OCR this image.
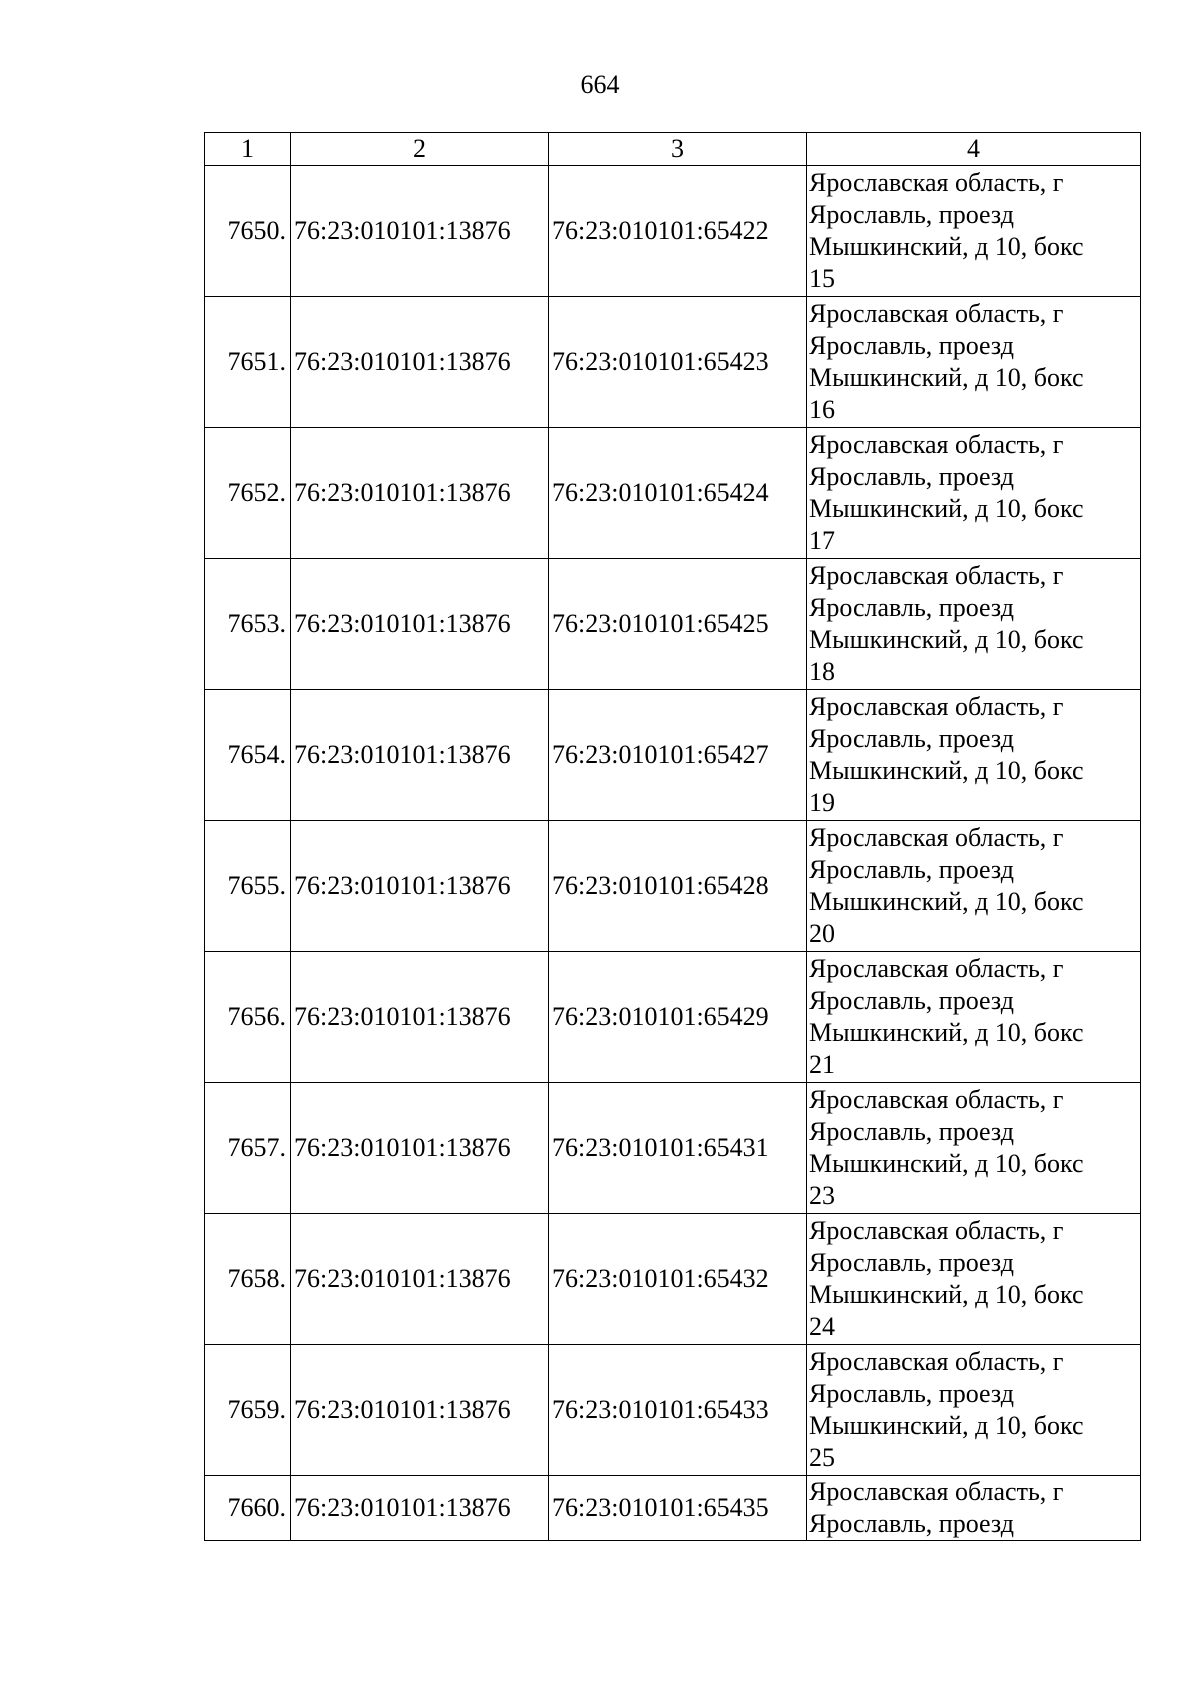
664
1	2	3	4
7650.	76:23:010101:13876	76:23:010101:65422	Ярославская область, г
Ярославль, проезд
Мышкинский, д 10, бокс
15

7651.	76:23:010101:13876	76:23:010101:65423	Ярославская область, г
Ярославль, проезд
Мышкинский, д 10, бокс
16

7652.	76:23:010101:13876	76:23:010101:65424	Ярославская область, г
Ярославль, проезд
Мышкинский, д 10, бокс
17

7653.	76:23:010101:13876	76:23:010101:65425	Ярославская область, г
Ярославль, проезд
Мышкинский, д 10, бокс
18

7654.	76:23:010101:13876	76:23:010101:65427	Ярославская область, г
Ярославль, проезд
Мышкинский, д 10, бокс
19

7655.	76:23:010101:13876	76:23:010101:65428	Ярославская область, г
Ярославль, проезд
Мышкинский, д 10, бокс
20

7656.	76:23:010101:13876	76:23:010101:65429	Ярославская область, г
Ярославль, проезд
Мышкинский, д 10, бокс
21

7657.	76:23:010101:13876	76:23:010101:65431	Ярославская область, г
Ярославль, проезд
Мышкинский, д 10, бокс
23

7658.	76:23:010101:13876	76:23:010101:65432	Ярославская область, г
Ярославль, проезд
Мышкинский, д 10, бокс
24

7659.	76:23:010101:13876	76:23:010101:65433	Ярославская область, г
Ярославль, проезд
Мышкинский, д 10, бокс
25

7660.	76:23:010101:13876	76:23:010101:65435	Ярославская область, г
Ярославль, проезд
